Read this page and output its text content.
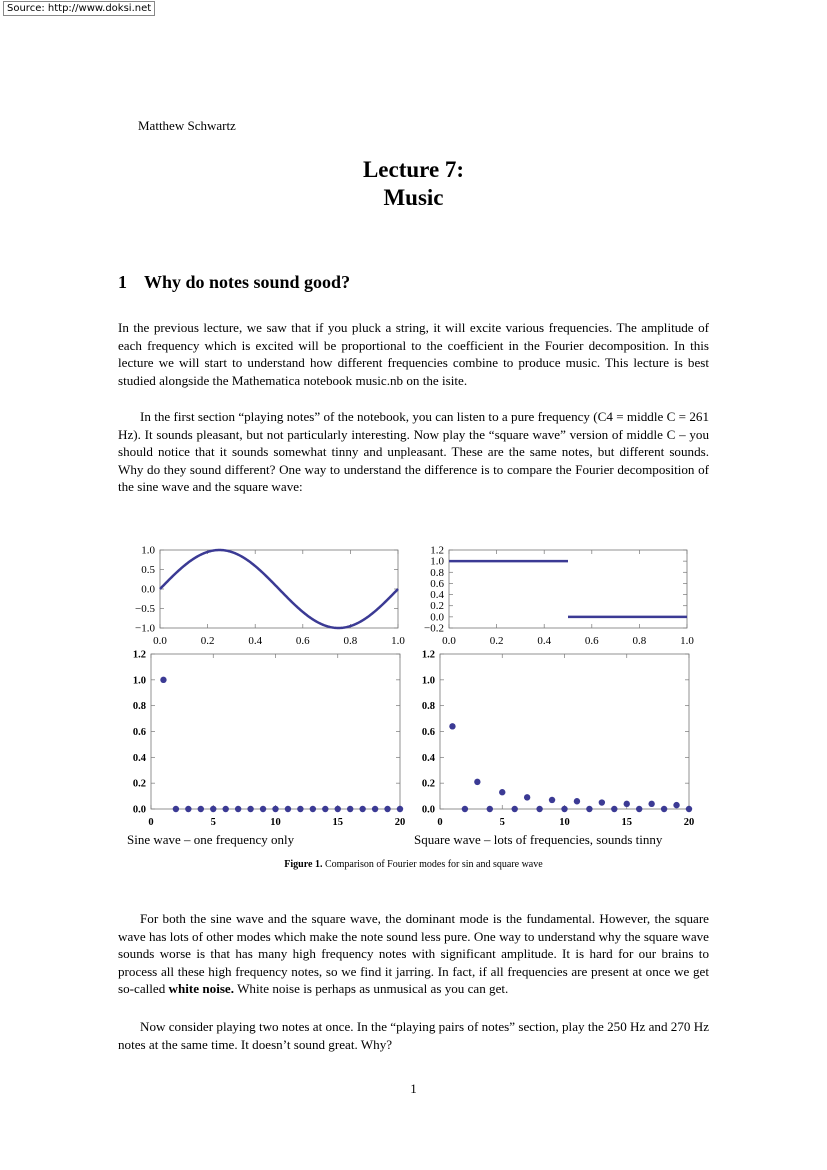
Source: http://www.doksi.net
Matthew Schwartz
Lecture 7:
Music
1 Why do notes sound good?

In the previous lecture, we saw that if you pluck a string, it will excite various frequencies. The amplitude of each frequency which is excited will be proportional to the coefficient in the Fourier decomposition. In this lecture we will start to understand how different frequencies combine to produce music. This lecture is best studied alongside the Mathematica notebook music.nb on the isite.

In the first section “playing notes” of the notebook, you can listen to a pure frequency (C4 = middle C = 261 Hz). It sounds pleasant, but not particularly interesting. Now play the “square wave” version of middle C – you should notice that it sounds somewhat tinny and unpleasant. These are the same notes, but different sounds. Why do they sound different? One way to understand the difference is to compare the Fourier decomposition of the sine wave and the square wave:

0.0	0.2	0.4	0.6	0.8	1.0
1.0
0.5
0.0
−0.5
−1.0
0.0	0.2	0.4	0.6	0.8	1.0
1.2
1.0
0.8
0.6
0.4
0.2
0.0
−0.2
0	5	10	15	20
1.2
1.0
0.8
0.6
0.4
0.2
0.0
0	5	10	15	20
1.2
1.0
0.8
0.6
0.4
0.2
0.0
Sine wave – one frequency only	Square wave – lots of frequencies, sounds tinny
Figure 1. Comparison of Fourier modes for sin and square wave

For both the sine wave and the square wave, the dominant mode is the fundamental. However, the square wave has lots of other modes which make the note sound less pure. One way to understand why the square wave sounds worse is that has many high frequency notes with significant amplitude. It is hard for our brains to process all these high frequency notes, so we find it jarring. In fact, if all frequencies are present at once we get so-called white noise. White noise is perhaps as unmusical as you can get.

Now consider playing two notes at once. In the “playing pairs of notes” section, play the 250 Hz and 270 Hz notes at the same time. It doesn’t sound great. Why?

1
